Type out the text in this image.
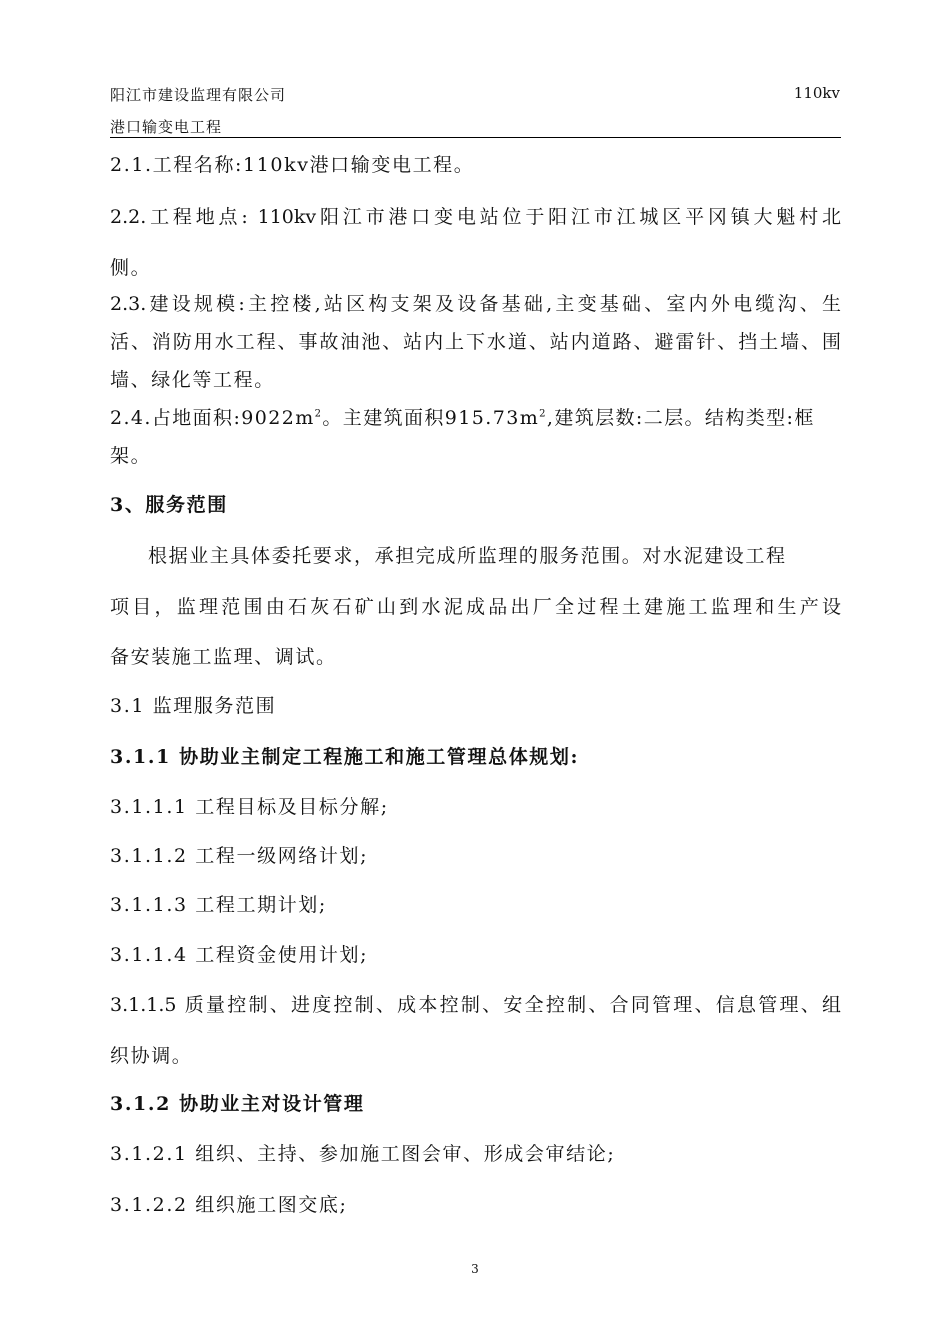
阳江市建设监理有限公司	110kv
港口输变电工程
2.1.工程名称:110kv港口输变电工程。
2.2.工程地点: 110kv阳江市港口变电站位于阳江市江城区平冈镇大魁村北
侧。
2.3.建设规模:主控楼,站区构支架及设备基础,主变基础、室内外电缆沟、生
活、消防用水工程、事故油池、站内上下水道、站内道路、避雷针、挡土墙、围
墙、绿化等工程。
2.4.占地面积$:9022m^2$。主建筑面积$915.73m^2$,建筑层数:二层。结构类型:框
架。
3、服务范围
根据业主具体委托要求，承担完成所监理的服务范围。对水泥建设工程
项目，监理范围由石灰石矿山到水泥成品出厂全过程土建施工监理和生产设
备安装施工监理、调试。
3.1 监理服务范围
3.1.1 协助业主制定工程施工和施工管理总体规划:
3.1.1.1 工程目标及目标分解;
3.1.1.2 工程一级网络计划;
3.1.1.3 工程工期计划;
3.1.1.4 工程资金使用计划;
3.1.1.5 质量控制、进度控制、成本控制、安全控制、合同管理、信息管理、组
织协调。
3.1.2 协助业主对设计管理
3.1.2.1 组织、主持、参加施工图会审、形成会审结论;
3.1.2.2 组织施工图交底;
3
